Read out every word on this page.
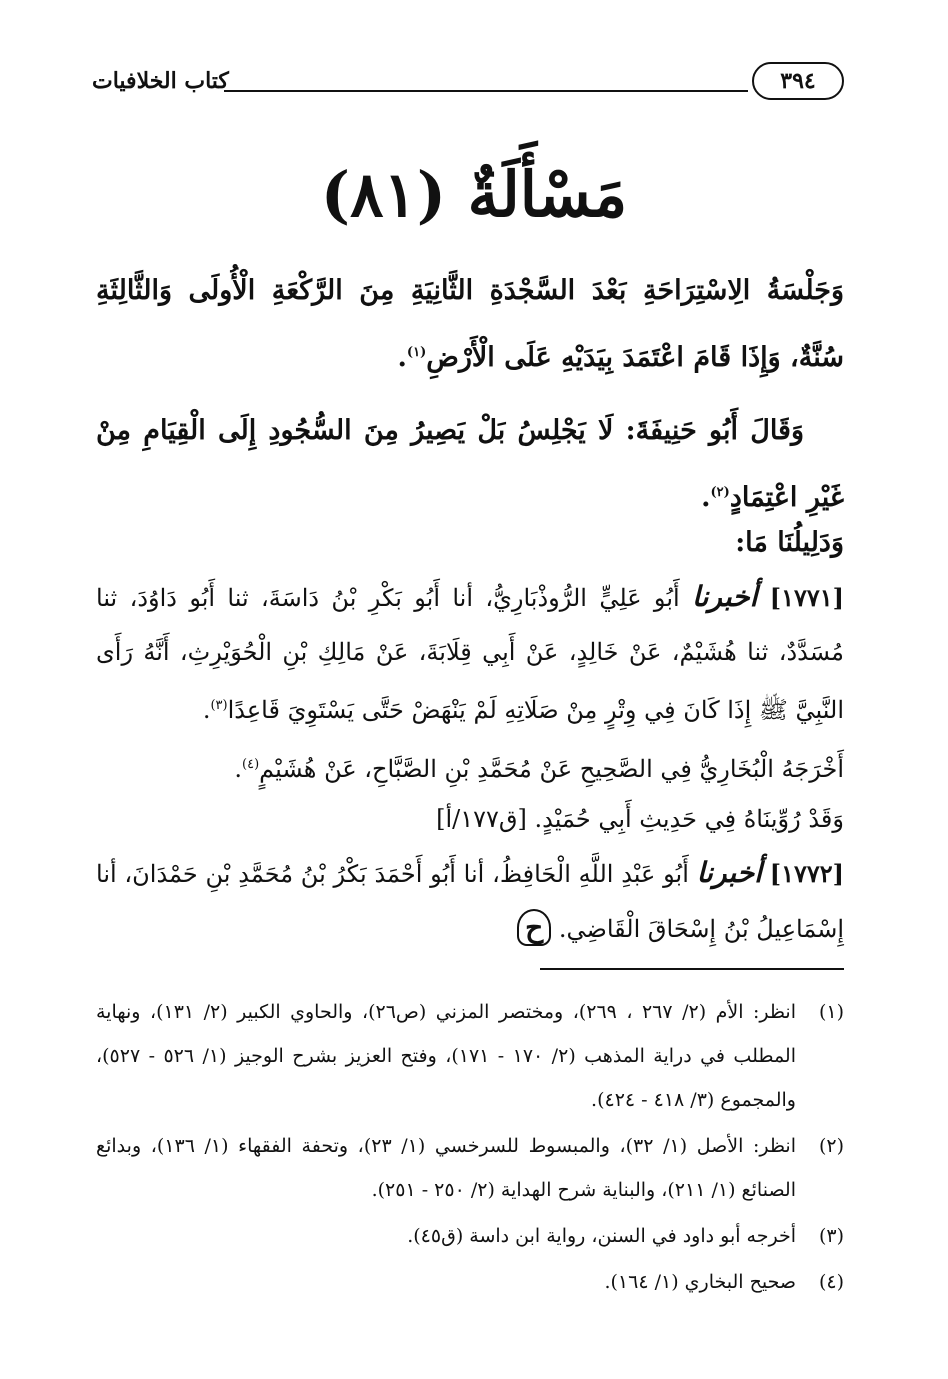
كتاب الخلافيات	٣٩٤
مَسْأَلَةٌ (٨١)
وَجَلْسَةُ الِاسْتِرَاحَةِ بَعْدَ السَّجْدَةِ الثَّانِيَةِ مِنَ الرَّكْعَةِ الْأُولَى وَالثَّالِثَةِ سُنَّةٌ، وَإِذَا قَامَ اعْتَمَدَ بِيَدَيْهِ عَلَى الْأَرْضِ$^{(١)}$.
وَقَالَ أَبُو حَنِيفَةَ: لَا يَجْلِسُ بَلْ يَصِيرُ مِنَ السُّجُودِ إِلَى الْقِيَامِ مِنْ غَيْرِ اعْتِمَادٍ$^{(٢)}$.
وَدَلِيلُنَا مَا:
[١٧٧١] أخبرنا أَبُو عَلِيٍّ الرُّوذْبَارِيُّ، أنا أَبُو بَكْرِ بْنُ دَاسَةَ، ثنا أَبُو دَاوُدَ، ثنا مُسَدَّدٌ، ثنا هُشَيْمٌ، عَنْ خَالِدٍ، عَنْ أَبِي قِلَابَةَ، عَنْ مَالِكِ بْنِ الْحُوَيْرِثِ، أَنَّهُ رَأَى النَّبِيَّ ﷺ إِذَا كَانَ فِي وِتْرٍ مِنْ صَلَاتِهِ لَمْ يَنْهَضْ حَتَّى يَسْتَوِيَ قَاعِدًا$^{(٣)}$.
أَخْرَجَهُ الْبُخَارِيُّ فِي الصَّحِيحِ عَنْ مُحَمَّدِ بْنِ الصَّبَّاحِ، عَنْ هُشَيْمٍ$^{(٤)}$.
وَقَدْ رُوِّينَاهُ فِي حَدِيثِ أَبِي حُمَيْدٍ. [ق١٧٧/أ]
[١٧٧٢] أخبرنا أَبُو عَبْدِ اللَّهِ الْحَافِظُ، أنا أَبُو أَحْمَدَ بَكْرُ بْنُ مُحَمَّدِ بْنِ حَمْدَانَ، أنا إِسْمَاعِيلُ بْنُ إِسْحَاقَ الْقَاضِي. ح
(١)
انظر: الأم (٢/ ٢٦٧ ، ٢٦٩)، ومختصر المزني (ص٢٦)، والحاوي الكبير (٢/ ١٣١)، ونهاية المطلب في دراية المذهب (٢/ ١٧٠ - ١٧١)، وفتح العزيز بشرح الوجيز (١/ ٥٢٦ - ٥٢٧)، والمجموع (٣/ ٤١٨ - ٤٢٤).
(٢)
انظر: الأصل (١/ ٣٢)، والمبسوط للسرخسي (١/ ٢٣)، وتحفة الفقهاء (١/ ١٣٦)، وبدائع الصنائع (١/ ٢١١)، والبناية شرح الهداية (٢/ ٢٥٠ - ٢٥١).
(٣)
أخرجه أبو داود في السنن، رواية ابن داسة (ق٤٥).
(٤)
صحيح البخاري (١/ ١٦٤).
